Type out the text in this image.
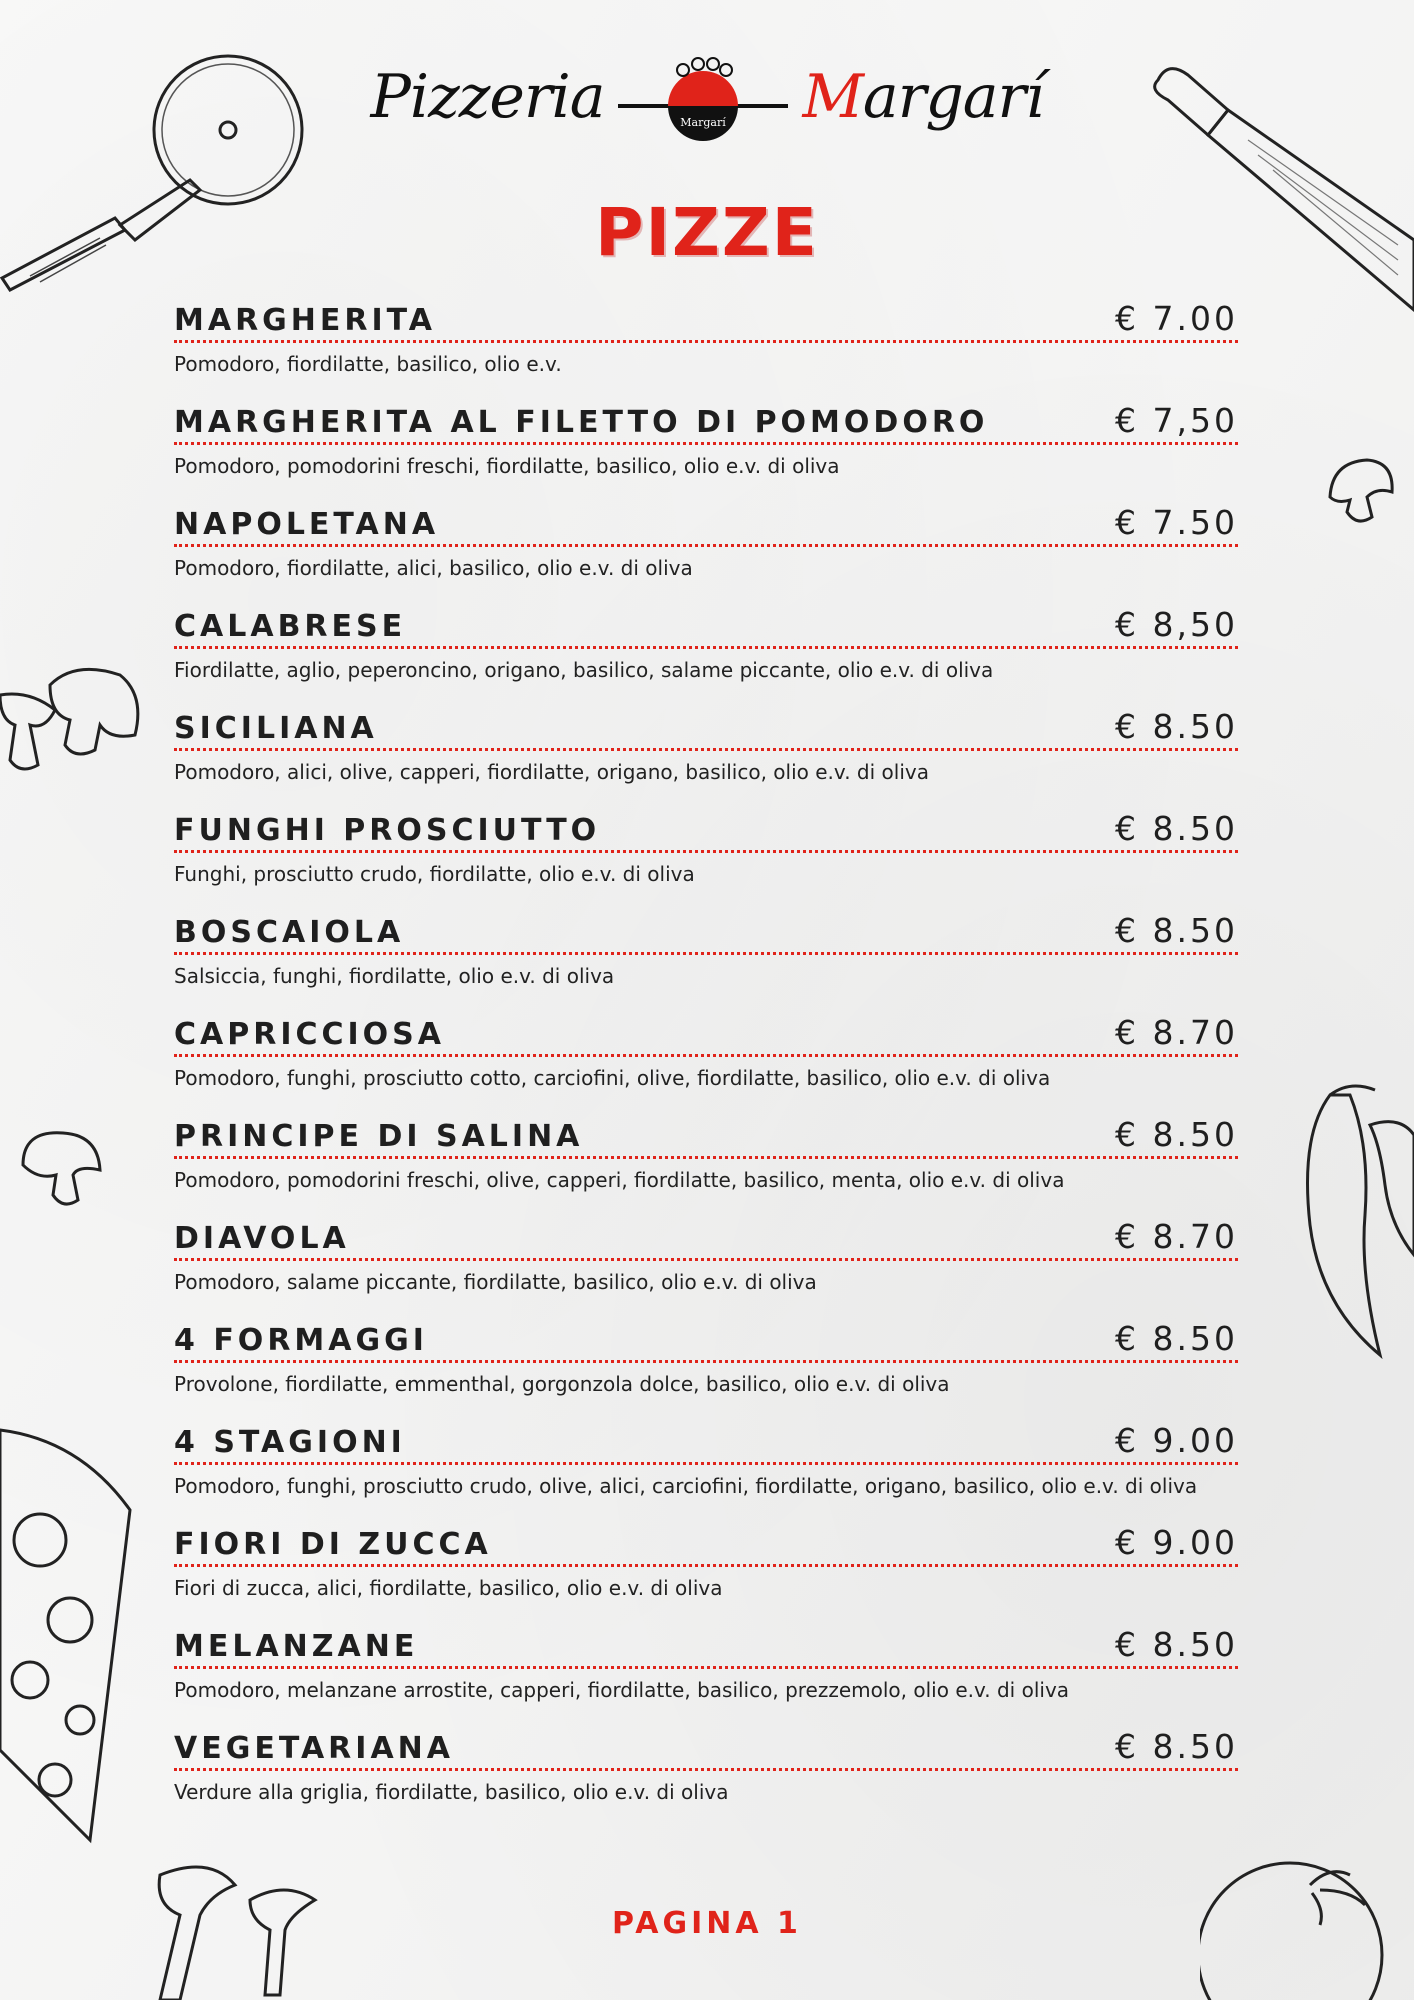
Pizzeria	Margarí Margarí
PIZZE
MARGHERITA	€ 7.00
Pomodoro, fiordilatte, basilico, olio e.v.
MARGHERITA AL FILETTO DI POMODORO	€ 7,50
Pomodoro, pomodorini freschi, fiordilatte, basilico, olio e.v. di oliva
NAPOLETANA	€ 7.50
Pomodoro, fiordilatte, alici, basilico, olio e.v. di oliva
CALABRESE	€ 8,50
Fiordilatte, aglio, peperoncino, origano, basilico, salame piccante, olio e.v. di oliva
SICILIANA	€ 8.50
Pomodoro, alici, olive, capperi, fiordilatte, origano, basilico, olio e.v. di oliva
FUNGHI PROSCIUTTO	€ 8.50
Funghi, prosciutto crudo, fiordilatte, olio e.v. di oliva
BOSCAIOLA	€ 8.50
Salsiccia, funghi, fiordilatte, olio e.v. di oliva
CAPRICCIOSA	€ 8.70
Pomodoro, funghi, prosciutto cotto, carciofini, olive, fiordilatte, basilico, olio e.v. di oliva
PRINCIPE DI SALINA	€ 8.50
Pomodoro, pomodorini freschi, olive, capperi, fiordilatte, basilico, menta, olio e.v. di oliva
DIAVOLA	€ 8.70
Pomodoro, salame piccante, fiordilatte, basilico, olio e.v. di oliva
4 FORMAGGI	€ 8.50
Provolone, fiordilatte, emmenthal, gorgonzola dolce, basilico, olio e.v. di oliva
4 STAGIONI	€ 9.00
Pomodoro, funghi, prosciutto crudo, olive, alici, carciofini, fiordilatte, origano, basilico, olio e.v. di oliva
FIORI DI ZUCCA	€ 9.00
Fiori di zucca, alici, fiordilatte, basilico, olio e.v. di oliva
MELANZANE	€ 8.50
Pomodoro, melanzane arrostite, capperi, fiordilatte, basilico, prezzemolo, olio e.v. di oliva
VEGETARIANA	€ 8.50
Verdure alla griglia, fiordilatte, basilico, olio e.v. di oliva
PAGINA 1
